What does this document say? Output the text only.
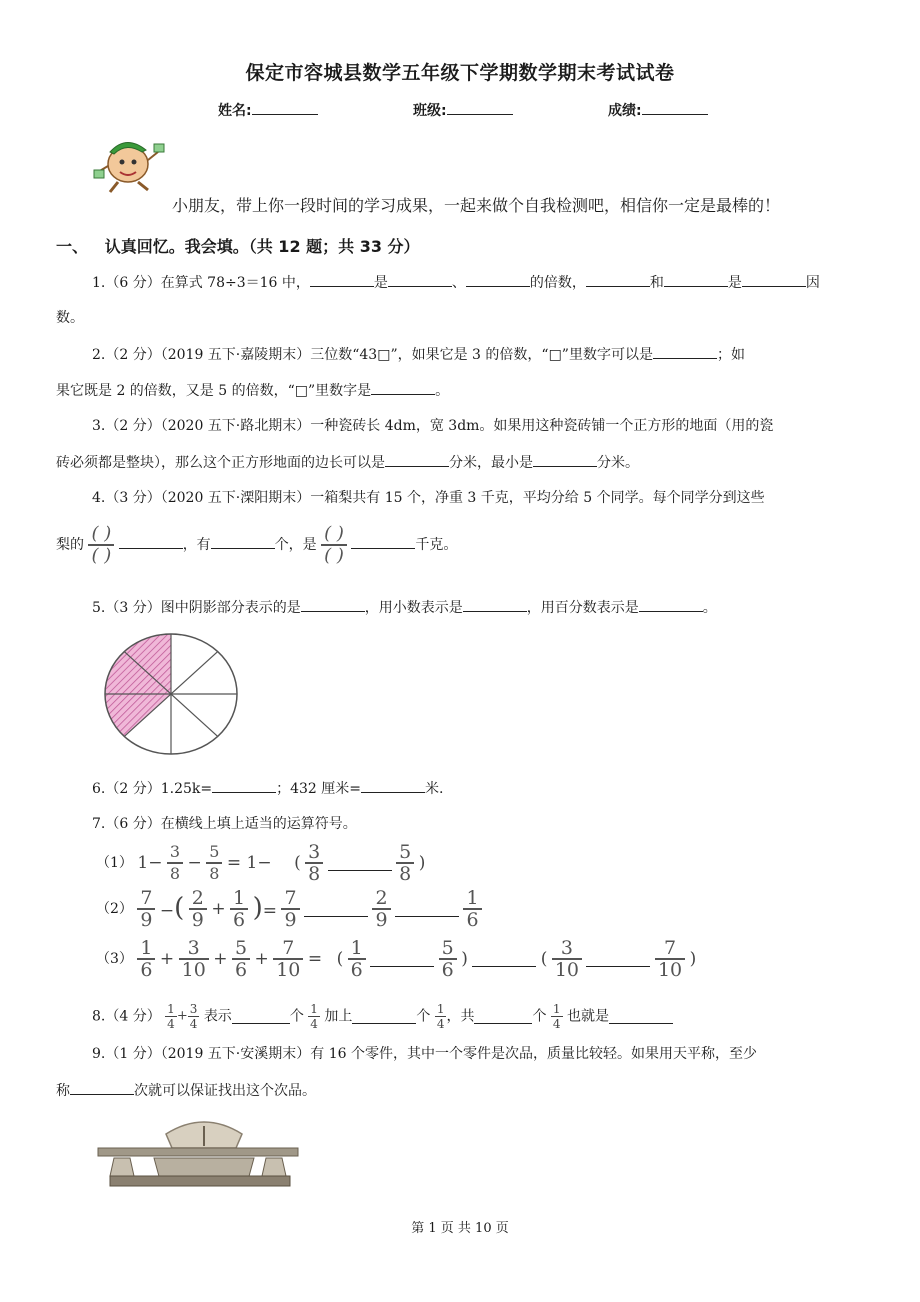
保定市容城县数学五年级下学期数学期末考试试卷
姓名:	班级:	成绩:
小朋友，带上你一段时间的学习成果，一起来做个自我检测吧，相信你一定是最棒的！
一、 认真回忆。我会填。（共 12 题；共 33 分）
1.（6 分）在算式 78÷3＝16 中，	是	、	的倍数，	和	是	因
数。
2.（2 分）（2019 五下·嘉陵期末）三位数“43□”，如果它是 3 的倍数，“□”里数字可以是	；如
果它既是 2 的倍数，又是 5 的倍数，“□”里数字是	。
3.（2 分）（2020 五下·路北期末）一种瓷砖长 4dm，宽 3dm。如果用这种瓷砖铺一个正方形的地面（用的瓷
砖必须都是整块），那么这个正方形地面的边长可以是	分米，最小是	分米。
4.（3 分）（2020 五下·溧阳期末）一箱梨共有 15 个，净重 3 千克，平均分给 5 个同学。每个同学分到这些
梨的 $\frac{( )}{( )}$	，有	个，是 $\frac{( )}{( )}$	千克。
5.（3 分）图中阴影部分表示的是	，用小数表示是	，用百分数表示是	。
6.（2 分）1.25k=	；432 厘米=	米.
7.（6 分）在横线上填上适当的运算符号。
（1） $1- \frac{3}{8} - \frac{5}{8} = 1-$ ( $\frac{3}{8}$
	$\frac{5}{8}$ )
$(2) \frac{7}{9}$ −( $\frac{2}{9} + \frac{1}{6}$ )= $\frac{7}{9}$
	$\frac{2}{9}$
	$\frac{1}{6}$
$(3) \frac{1}{6} + \frac{3}{10} + \frac{5}{6} + \frac{7}{10}$ = ( $\frac{1}{6}$
	$\frac{5}{6}$ )	( $\frac{3}{10}$
	$\frac{7}{10}$ )
8.（4 分） $\frac{1}{4} + \frac{3}{4}$ 表示	个 $\frac{1}{4}$ 加上	个 $\frac{1}{4}$ ，共	个 $\frac{1}{4}$ 也就是
9.（1 分）（2019 五下·安溪期末）有 16 个零件，其中一个零件是次品，质量比较轻。如果用天平称，至少
称	次就可以保证找出这个次品。
第 1 页 共 10 页
